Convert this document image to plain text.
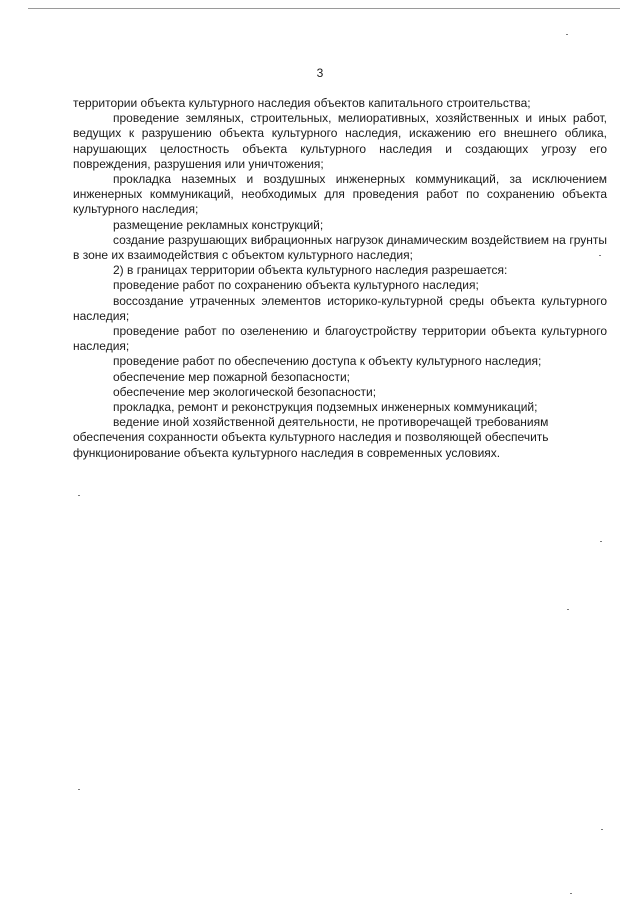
3

территории объекта культурного наследия объектов капитального строительства;

проведение земляных, строительных, мелиоративных, хозяйственных и иных работ, ведущих к разрушению объекта культурного наследия, искажению его внешнего облика, нарушающих целостность объекта культурного наследия и создающих угрозу его повреждения, разрушения или уничтожения;

прокладка наземных и воздушных инженерных коммуникаций, за исключением инженерных коммуникаций, необходимых для проведения работ по сохранению объекта культурного наследия;

размещение рекламных конструкций;

создание разрушающих вибрационных нагрузок динамическим воздействием на грунты в зоне их взаимодействия с объектом культурного наследия;

2) в границах территории объекта культурного наследия разрешается:

проведение работ по сохранению объекта культурного наследия;

воссоздание утраченных элементов историко-культурной среды объекта культурного наследия;

проведение работ по озеленению и благоустройству территории объекта культурного наследия;

проведение работ по обеспечению доступа к объекту культурного наследия;

обеспечение мер пожарной безопасности;

обеспечение мер экологической безопасности;

прокладка, ремонт и реконструкция подземных инженерных коммуникаций;

ведение иной хозяйственной деятельности, не противоречащей требованиям обеспечения сохранности объекта культурного наследия и позволяющей обеспечить функционирование объекта культурного наследия в современных условиях.
